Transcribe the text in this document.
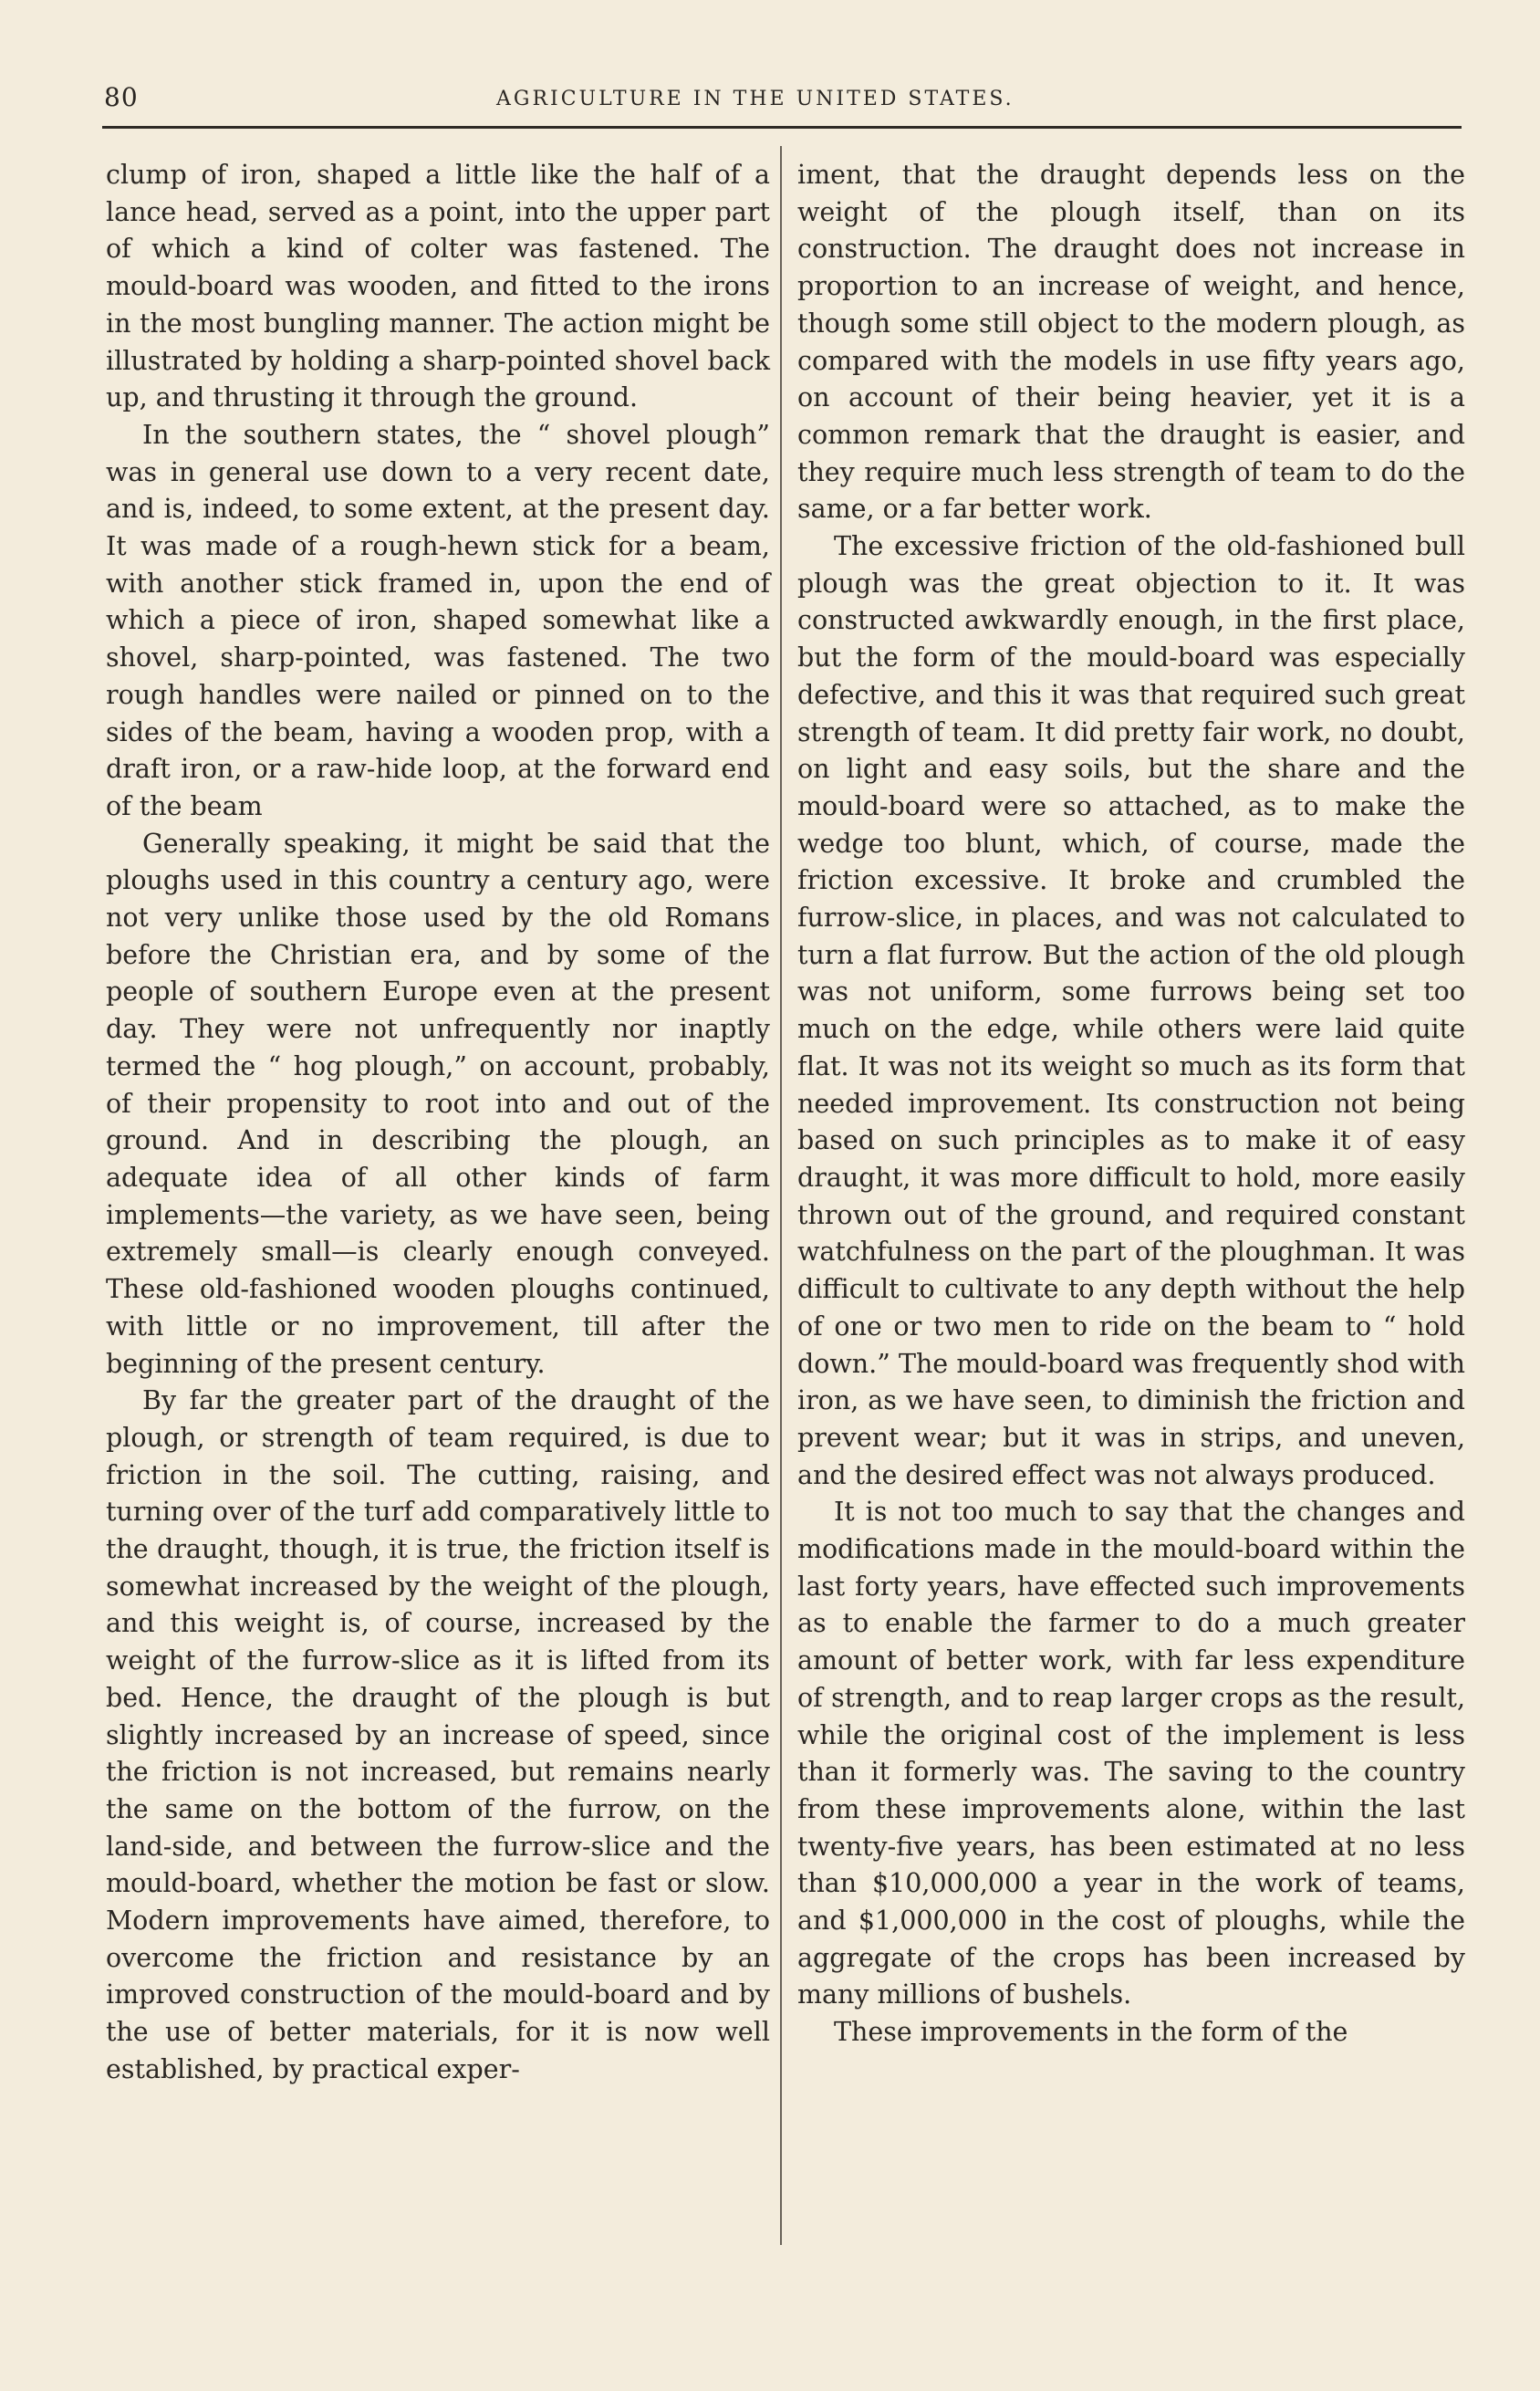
80	AGRICULTURE IN THE UNITED STATES.

clump of iron, shaped a little like the half of a lance head, served as a point, into the upper part of which a kind of colter was fastened. The mould-board was wooden, and fitted to the irons in the most bungling manner. The action might be illustrated by holding a sharp-pointed shovel back up, and thrusting it through the ground.

In the southern states, the “ shovel plough” was in general use down to a very recent date, and is, indeed, to some extent, at the present day. It was made of a rough-hewn stick for a beam, with another stick framed in, upon the end of which a piece of iron, shaped somewhat like a shovel, sharp-pointed, was fastened. The two rough handles were nailed or pinned on to the sides of the beam, having a wooden prop, with a draft iron, or a raw-hide loop, at the forward end of the beam

Generally speaking, it might be said that the ploughs used in this country a century ago, were not very unlike those used by the old Romans before the Christian era, and by some of the people of southern Europe even at the present day. They were not unfrequently nor inaptly termed the “ hog plough,” on account, probably, of their propensity to root into and out of the ground. And in describing the plough, an adequate idea of all other kinds of farm implements—the variety, as we have seen, being extremely small—is clearly enough conveyed. These old-fashioned wooden ploughs continued, with little or no improvement, till after the beginning of the present century.

By far the greater part of the draught of the plough, or strength of team required, is due to friction in the soil. The cutting, raising, and turning over of the turf add comparatively little to the draught, though, it is true, the friction itself is somewhat increased by the weight of the plough, and this weight is, of course, increased by the weight of the furrow-slice as it is lifted from its bed. Hence, the draught of the plough is but slightly increased by an increase of speed, since the friction is not increased, but remains nearly the same on the bottom of the furrow, on the land-side, and between the furrow-slice and the mould-board, whether the motion be fast or slow. Modern improvements have aimed, therefore, to overcome the friction and resistance by an improved construction of the mould-board and by the use of better materials, for it is now well established, by practical exper-

iment, that the draught depends less on the weight of the plough itself, than on its construction. The draught does not increase in proportion to an increase of weight, and hence, though some still object to the modern plough, as compared with the models in use fifty years ago, on account of their being heavier, yet it is a common remark that the draught is easier, and they require much less strength of team to do the same, or a far better work.

The excessive friction of the old-fashioned bull plough was the great objection to it. It was constructed awkwardly enough, in the first place, but the form of the mould-board was especially defective, and this it was that required such great strength of team. It did pretty fair work, no doubt, on light and easy soils, but the share and the mould-board were so attached, as to make the wedge too blunt, which, of course, made the friction excessive. It broke and crumbled the furrow-slice, in places, and was not calculated to turn a flat furrow. But the action of the old plough was not uniform, some furrows being set too much on the edge, while others were laid quite flat. It was not its weight so much as its form that needed improvement. Its construction not being based on such principles as to make it of easy draught, it was more difficult to hold, more easily thrown out of the ground, and required constant watchfulness on the part of the ploughman. It was difficult to cultivate to any depth without the help of one or two men to ride on the beam to “ hold down.” The mould-board was frequently shod with iron, as we have seen, to diminish the friction and prevent wear; but it was in strips, and uneven, and the desired effect was not always produced.

It is not too much to say that the changes and modifications made in the mould-board within the last forty years, have effected such improvements as to enable the farmer to do a much greater amount of better work, with far less expenditure of strength, and to reap larger crops as the result, while the original cost of the implement is less than it formerly was. The saving to the country from these improvements alone, within the last twenty-five years, has been estimated at no less than $10,000,000 a year in the work of teams, and $1,000,000 in the cost of ploughs, while the aggregate of the crops has been increased by many millions of bushels.

These improvements in the form of the
